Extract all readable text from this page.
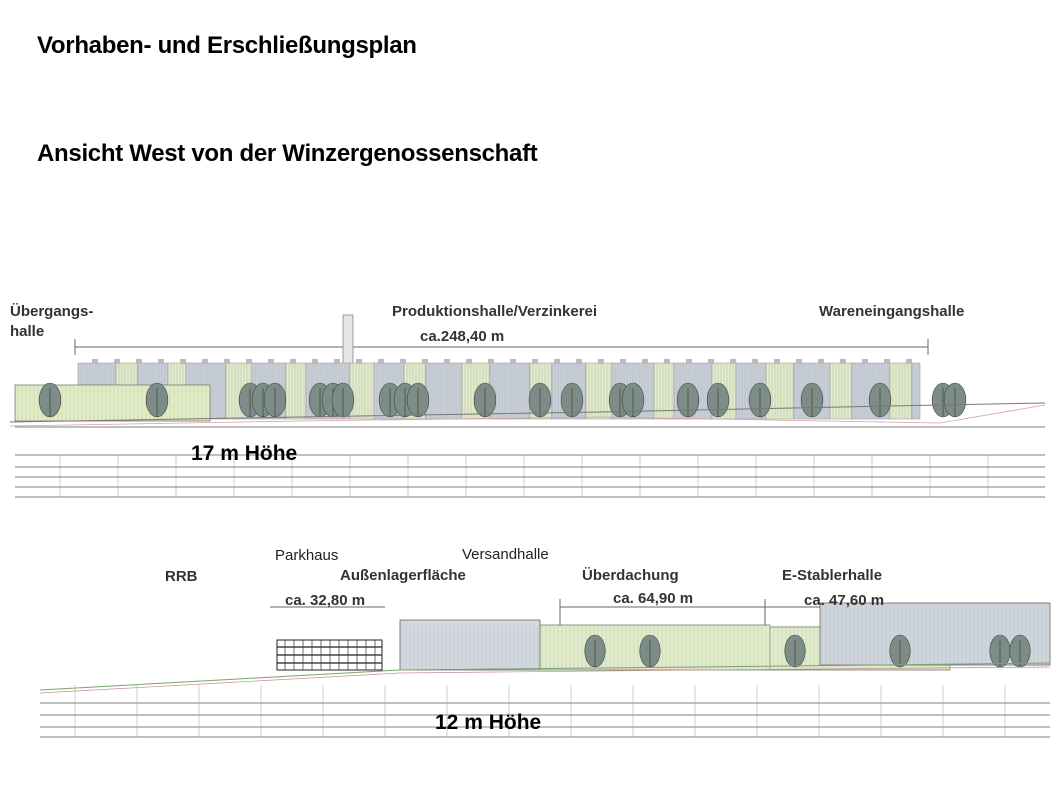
Vorhaben- und Erschließungsplan
Ansicht West von der Winzergenossenschaft
Übergangs-
halle
Produktionshalle/Verzinkerei
ca.248,40 m
Wareneingangshalle
17 m Höhe
RRB
Parkhaus
ca. 32,80 m
Versandhalle
Außenlagerfläche	Überdachung
ca. 64,90 m
E-Stablerhalle
ca. 47,60 m
12 m Höhe
